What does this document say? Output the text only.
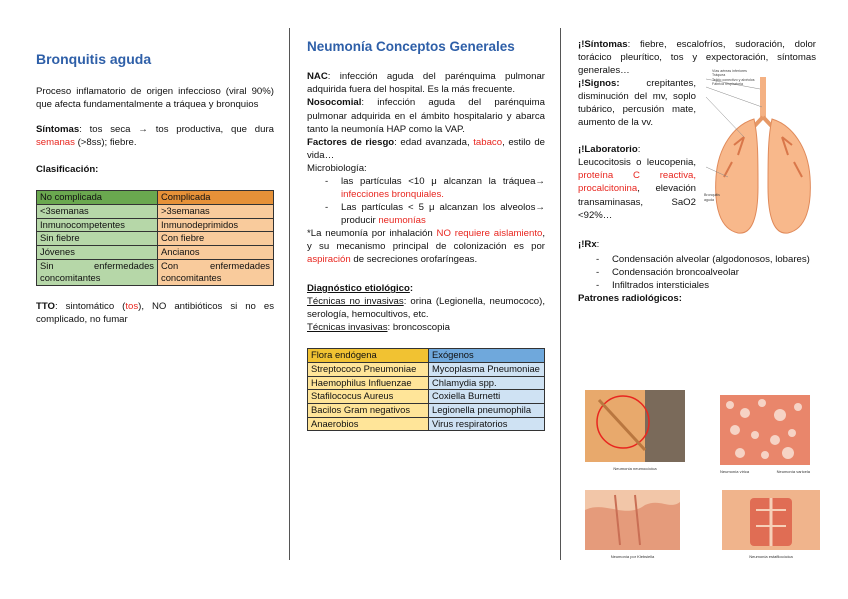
Bronquitis aguda

Proceso inflamatorio de origen infeccioso (viral 90%) que afecta fundamentalmente a tráquea y bronquios

Síntomas: tos seca → tos productiva, que dura semanas (>8ss); fiebre.

Clasificación:

No complicada	Complicada
<3semanas	>3semanas
Inmunocompetentes	Inmunodeprimidos
Sin fiebre	Con fiebre
Jóvenes	Ancianos
Sin enfermedades concomitantes	Con enfermedades concomitantes

TTO: sintomático (tos), NO antibióticos si no es complicado, no fumar

Neumonía Conceptos Generales

NAC: infección aguda del parénquima pulmonar adquirida fuera del hospital. Es la más frecuente.

Nosocomial: infección aguda del parénquima pulmonar adquirida en el ámbito hospitalario y abarca tanto la neumonía HAP como la VAP.

Factores de riesgo: edad avanzada, tabaco, estilo de vida…

Microbiología:

- las partículas <10 μ alcanzan la tráquea→ infecciones bronquiales.
- Las partículas < 5 μ alcanzan los alveolos→ producir neumonías

*La neumonía por inhalación NO requiere aislamiento, y su mecanismo principal de colonización es por aspiración de secreciones orofaríngeas.

Diagnóstico etiológico:

Técnicas no invasivas: orina (Legionella, neumococo), serología, hemocultivos, etc.

Técnicas invasivas: broncoscopia

Flora endógena	Exógenos
Streptococo Pneumoniae	Mycoplasma Pneumoniae
Haemophilus Influenzae	Chlamydia spp.
Stafilococus Aureus	Coxiella Burnetti
Bacilos Gram negativos	Legionella pneumophila
Anaerobios	Virus respiratorios

¡!Síntomas: fiebre, escalofríos, sudoración, dolor torácico pleurítico, tos y expectoración, síntomas generales…

¡!Signos: crepitantes, disminución del mv, soplo tubárico, percusión mate, aumento de la vv.

¡!Laboratorio:

Leucocitosis o leucopenia, proteína C reactiva, procalcitonina, elevación transaminasas, SaO2 <92%…

Vías aéreas inferiores
Tráquea
Tejido conectivo y alvéolos
Fábrica respiratoria
Bronquitis aguda

¡!Rx:

- Condensación alveolar (algodonosos, lobares)
- Condensación broncoalveolar
- Infiltrados intersticiales

Patrones radiológicos:

Neumonía neumocócica
Neumonía vírica	Neumonía varicela
Neumonía por Klebsiella	Neumonía estafilocócica
